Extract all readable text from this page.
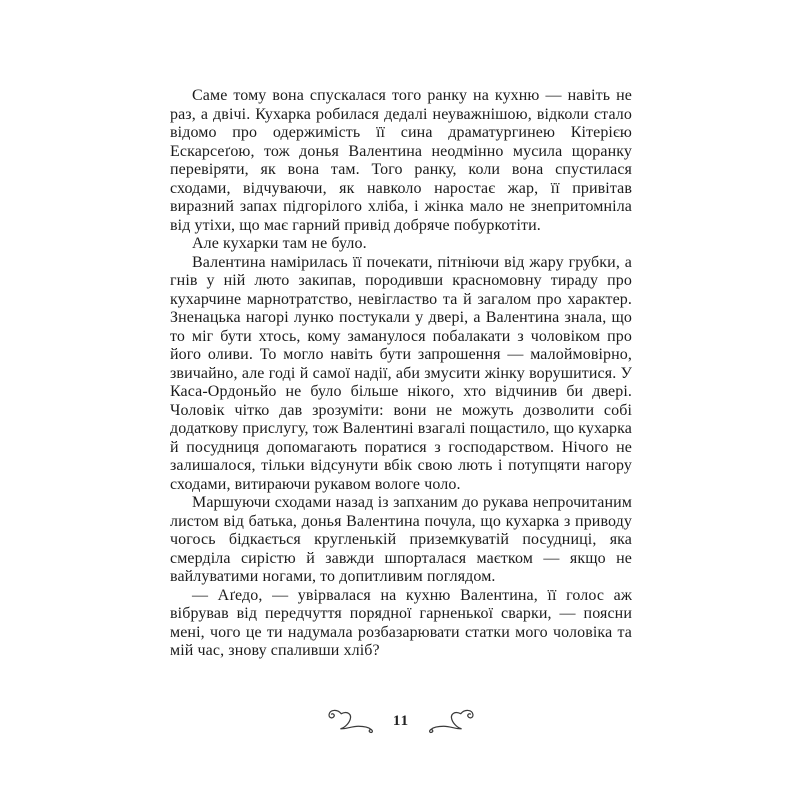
Саме тому вона спускалася того ранку на кухню — навіть не раз, а двічі. Кухарка робилася дедалі неуважнішою, відколи стало відомо про одержимість її сина драматургинею Кітерією Ескарсеґою, тож донья Валентина неодмінно мусила щоранку перевіряти, як вона там. Того ранку, коли вона спустилася сходами, відчуваючи, як навколо наростає жар, її привітав виразний запах підгорілого хліба, і жінка мало не знепритомніла від утіхи, що має гарний привід добряче побуркотіти.

Але кухарки там не було.

Валентина намірилась її почекати, пітніючи від жару грубки, а гнів у ній люто закипав, породивши красномовну тираду про кухарчине марнотратство, невігластво та й загалом про характер. Зненацька нагорі лунко постукали у двері, а Валентина знала, що то міг бути хтось, кому заманулося побалакати з чоловіком про його оливи. То могло навіть бути запрошення — малоймовірно, звичайно, але годі й самої надії, аби змусити жінку ворушитися. У Каса-Ордоньйо не було більше нікого, хто відчинив би двері. Чоловік чітко дав зрозуміти: вони не можуть дозволити собі додаткову прислугу, тож Валентині взагалі пощастило, що кухарка й посудниця допомагають поратися з господарством. Нічого не залишалося, тільки відсунути вбік свою лють і потупцяти нагору сходами, витираючи рукавом вологе чоло.

Маршуючи сходами назад із запханим до рукава непрочитаним листом від батька, донья Валентина почула, що кухарка з приводу чогось бідкається кругленькій приземкуватій посудниці, яка смерділа сирістю й завжди шпорталася маєтком — якщо не вайлуватими ногами, то допитливим поглядом.

— Аґедо, — увірвалася на кухню Валентина, її голос аж вібрував від передчуття порядної гарненької сварки, — поясни мені, чого це ти надумала розбазарювати статки мого чоловіка та мій час, знову спаливши хліб?

11
